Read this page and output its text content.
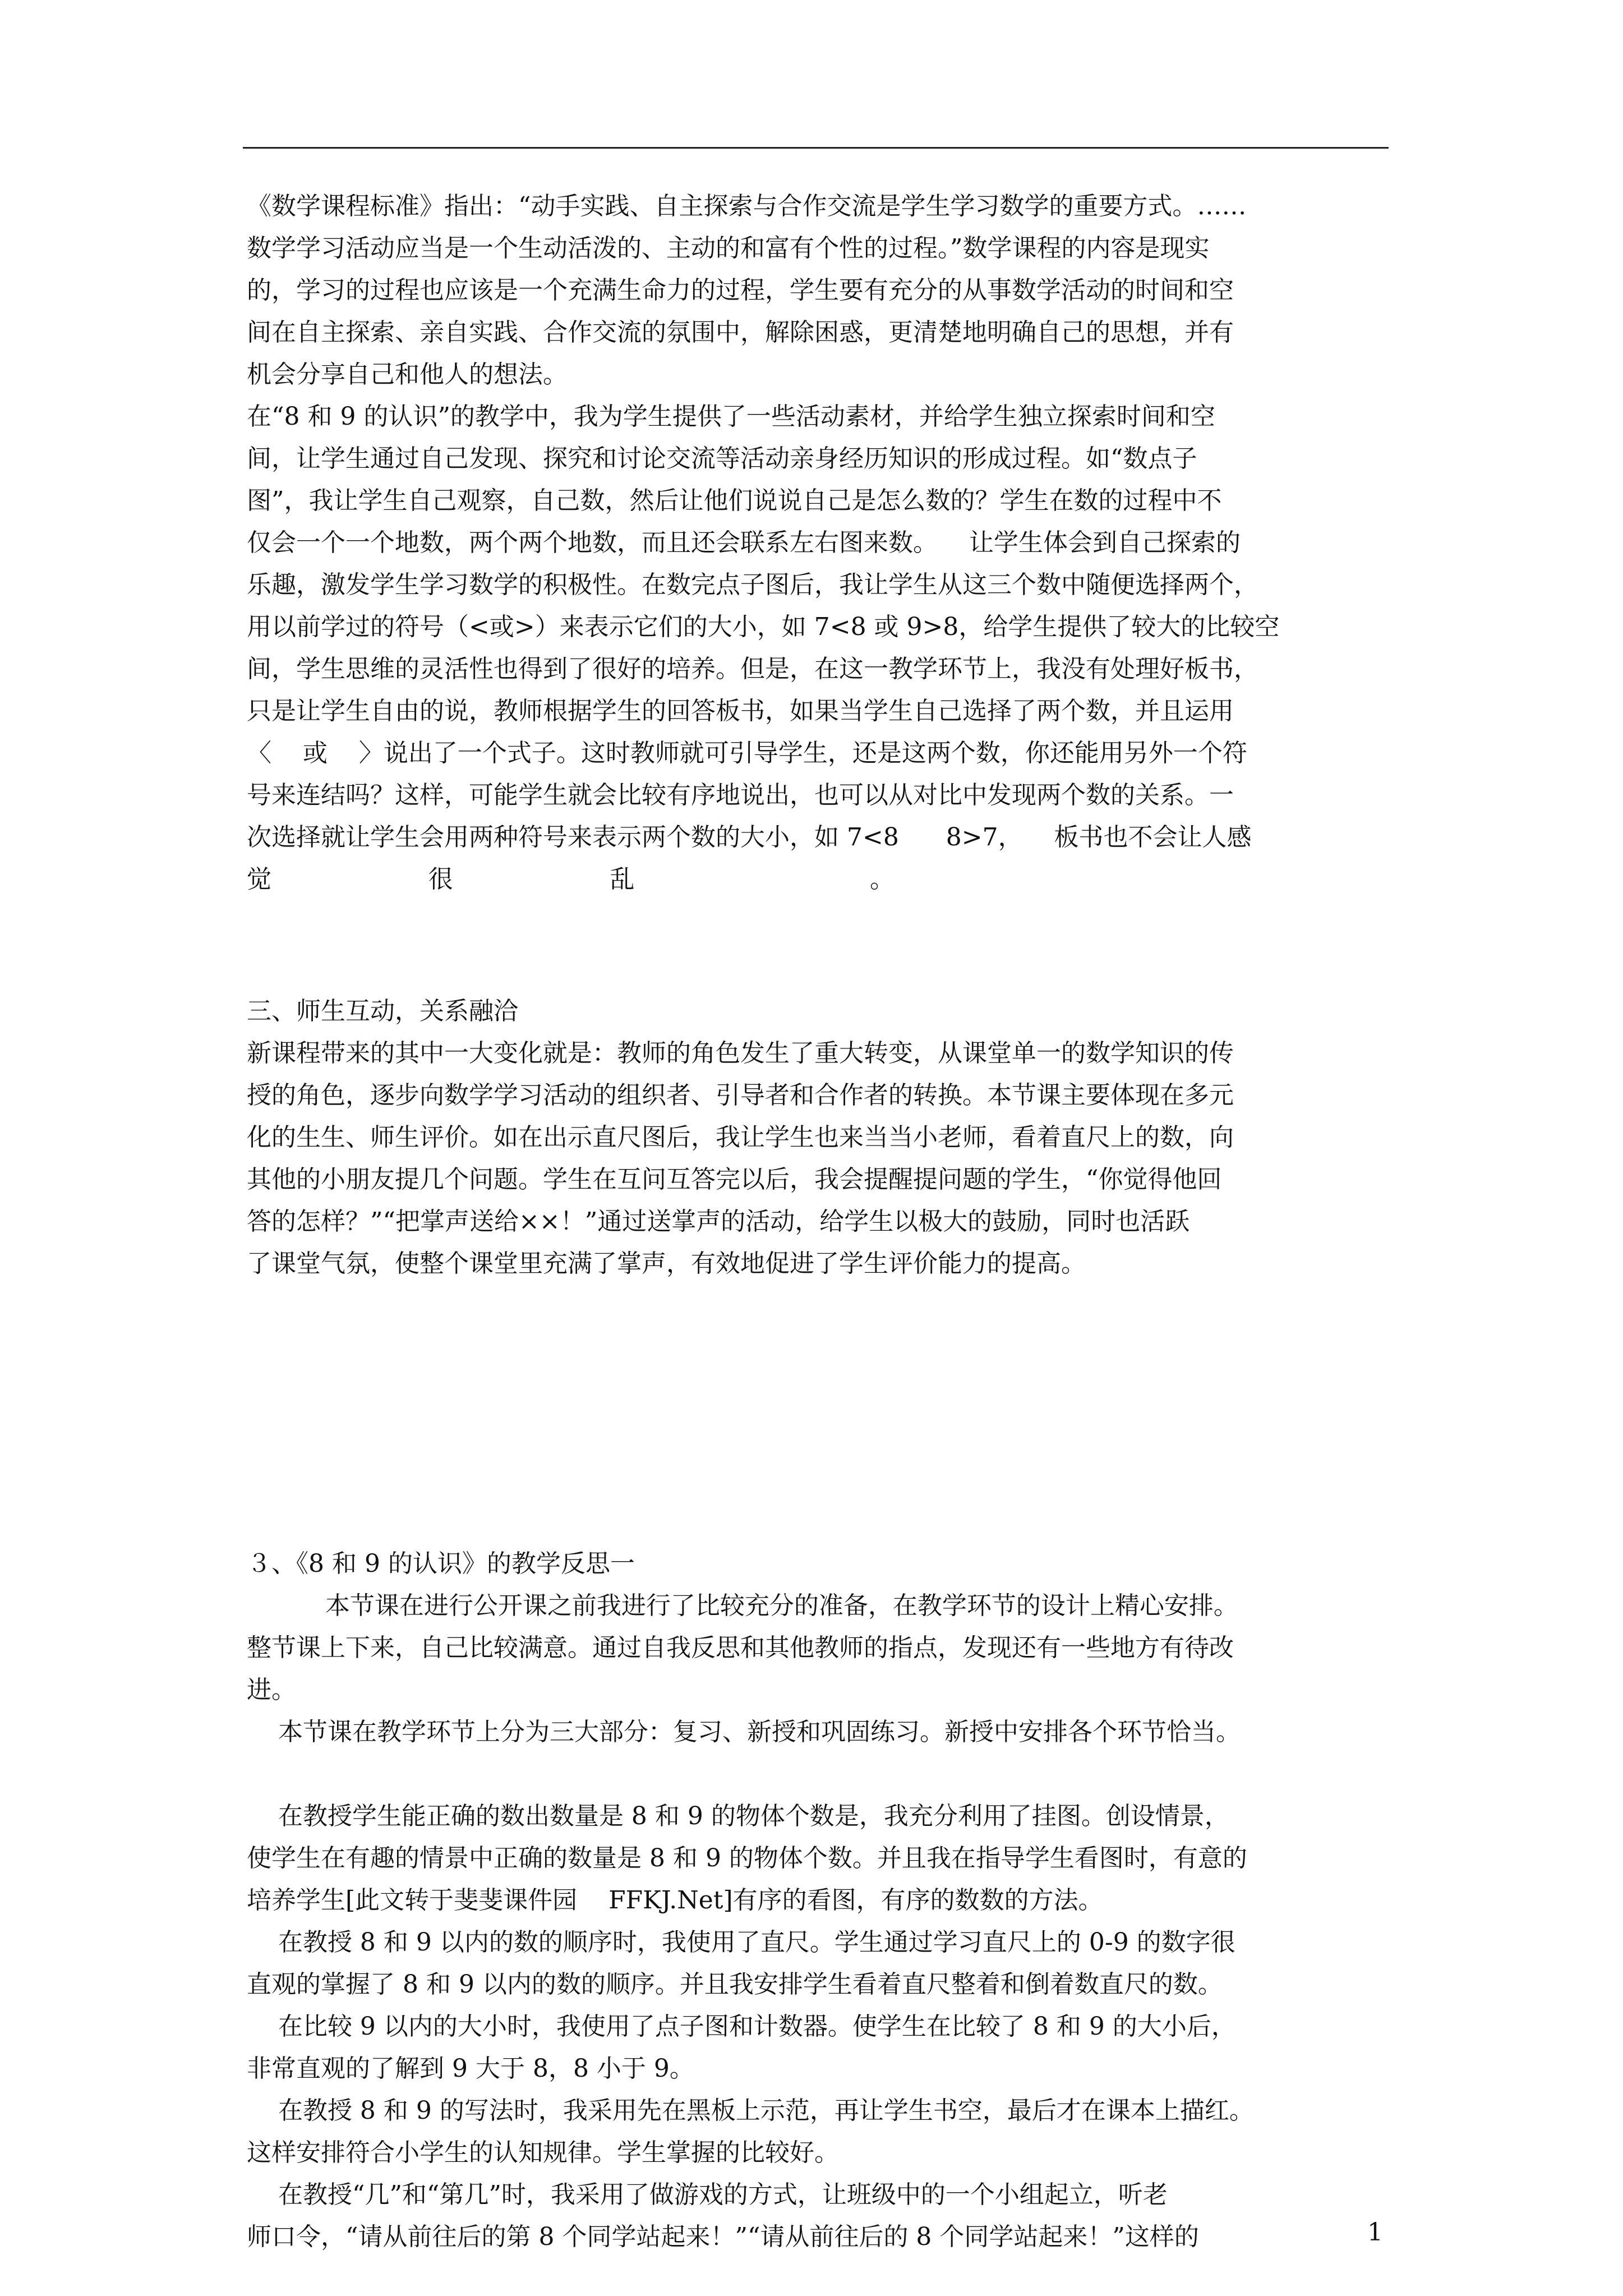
《数学课程标准》指出：“动手实践、自主探索与合作交流是学生学习数学的重要方式。……

数学学习活动应当是一个生动活泼的、主动的和富有个性的过程。”数学课程的内容是现实

的，学习的过程也应该是一个充满生命力的过程，学生要有充分的从事数学活动的时间和空

间在自主探索、亲自实践、合作交流的氛围中，解除困惑，更清楚地明确自己的思想，并有

机会分享自己和他人的想法。

在“8 和 9 的认识”的教学中，我为学生提供了一些活动素材，并给学生独立探索时间和空

间，让学生通过自己发现、探究和讨论交流等活动亲身经历知识的形成过程。如“数点子

图”，我让学生自己观察，自己数，然后让他们说说自己是怎么数的？学生在数的过程中不

仅会一个一个地数，两个两个地数，而且还会联系左右图来数。    让学生体会到自己探索的

乐趣，激发学生学习数学的积极性。在数完点子图后，我让学生从这三个数中随便选择两个，

用以前学过的符号（<或>）来表示它们的大小，如 7<8 或 9>8，给学生提供了较大的比较空

间，学生思维的灵活性也得到了很好的培养。但是，在这一教学环节上，我没有处理好板书，

只是让学生自由的说，教师根据学生的回答板书，如果当学生自己选择了两个数，并且运用

〈    或    〉说出了一个式子。这时教师就可引导学生，还是这两个数，你还能用另外一个符

号来连结吗？这样，可能学生就会比较有序地说出，也可以从对比中发现两个数的关系。一

次选择就让学生会用两种符号来表示两个数的大小，如 7<8      8>7，    板书也不会让人感

觉                    很                    乱                              。

三、师生互动，关系融洽

新课程带来的其中一大变化就是：教师的角色发生了重大转变，从课堂单一的数学知识的传

授的角色，逐步向数学学习活动的组织者、引导者和合作者的转换。本节课主要体现在多元

化的生生、师生评价。如在出示直尺图后，我让学生也来当当小老师，看着直尺上的数，向

其他的小朋友提几个问题。学生在互问互答完以后，我会提醒提问题的学生，“你觉得他回

答的怎样？”“把掌声送给××！”通过送掌声的活动，给学生以极大的鼓励，同时也活跃

了课堂气氛，使整个课堂里充满了掌声，有效地促进了学生评价能力的提高。

３、《8 和 9 的认识》的教学反思一

本节课在进行公开课之前我进行了比较充分的准备，在教学环节的设计上精心安排。

整节课上下来，自己比较满意。通过自我反思和其他教师的指点，发现还有一些地方有待改

进。

本节课在教学环节上分为三大部分：复习、新授和巩固练习。新授中安排各个环节恰当。

在教授学生能正确的数出数量是 8 和 9 的物体个数是，我充分利用了挂图。创设情景，

使学生在有趣的情景中正确的数量是 8 和 9 的物体个数。并且我在指导学生看图时，有意的

培养学生[此文转于斐斐课件园    FFKJ.Net]有序的看图，有序的数数的方法。

在教授 8 和 9 以内的数的顺序时，我使用了直尺。学生通过学习直尺上的 0-9 的数字很

直观的掌握了 8 和 9 以内的数的顺序。并且我安排学生看着直尺整着和倒着数直尺的数。

在比较 9 以内的大小时，我使用了点子图和计数器。使学生在比较了 8 和 9 的大小后，

非常直观的了解到 9 大于 8，8 小于 9。

在教授 8 和 9 的写法时，我采用先在黑板上示范，再让学生书空，最后才在课本上描红。

这样安排符合小学生的认知规律。学生掌握的比较好。

在教授“几”和“第几”时，我采用了做游戏的方式，让班级中的一个小组起立，听老

师口令，“请从前往后的第 8 个同学站起来！”“请从前往后的 8 个同学站起来！”这样的	1
